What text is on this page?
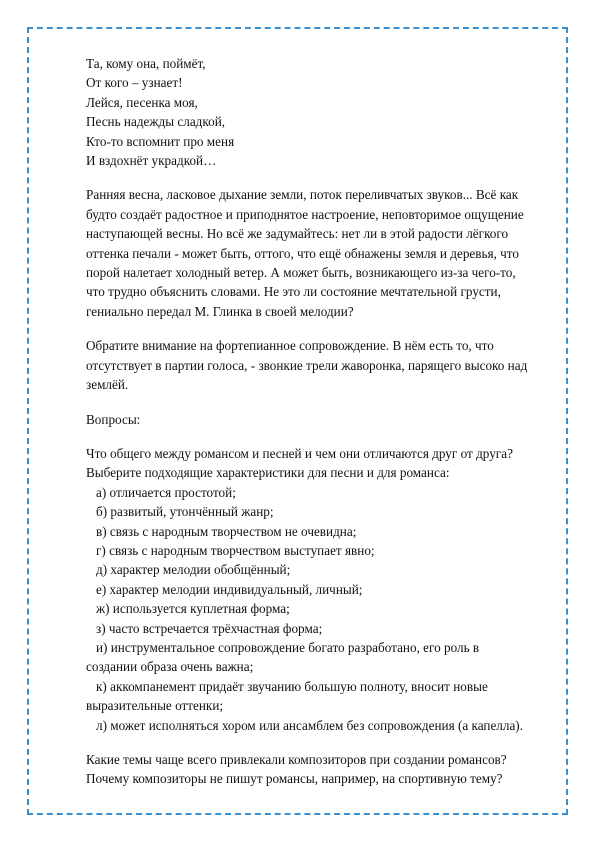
Та, кому она, поймёт,
От кого – узнает!
Лейся, песенка моя,
Песнь надежды сладкой,
Кто-то вспомнит про меня
И вздохнёт украдкой…
Ранняя весна, ласковое дыхание земли, поток переливчатых звуков... Всё как
будто создаёт радостное и приподнятое настроение, неповторимое ощущение
наступающей весны. Но всё же задумайтесь: нет ли в этой радости лёгкого
оттенка печали - может быть, оттого, что ещё обнажены земля и деревья, что
порой налетает холодный ветер. А может быть, возникающего из-за чего-то,
что трудно объяснить словами. Не это ли состояние мечтательной грусти,
гениально передал М. Глинка в своей мелодии?
Обратите внимание на фортепианное сопровождение. В нём есть то, что
отсутствует в партии голоса, - звонкие трели жаворонка, парящего высоко над
землёй.
Вопросы:
Что общего между романсом и песней и чем они отличаются друг от друга?
Выберите подходящие характеристики для песни и для романса:
а) отличается простотой;
б) развитый, утончённый жанр;
в) связь с народным творчеством не очевидна;
г) связь с народным творчеством выступает явно;
д) характер мелодии обобщённый;
е) характер мелодии индивидуальный, личный;
ж) используется куплетная форма;
з) часто встречается трёхчастная форма;
и) инструментальное сопровождение богато разработано, его роль в
создании образа очень важна;
к) аккомпанемент придаёт звучанию большую полноту, вносит новые
выразительные оттенки;
л) может исполняться хором или ансамблем без сопровождения (а капелла).
Какие темы чаще всего привлекали композиторов при создании романсов?
Почему композиторы не пишут романсы, например, на спортивную тему?
